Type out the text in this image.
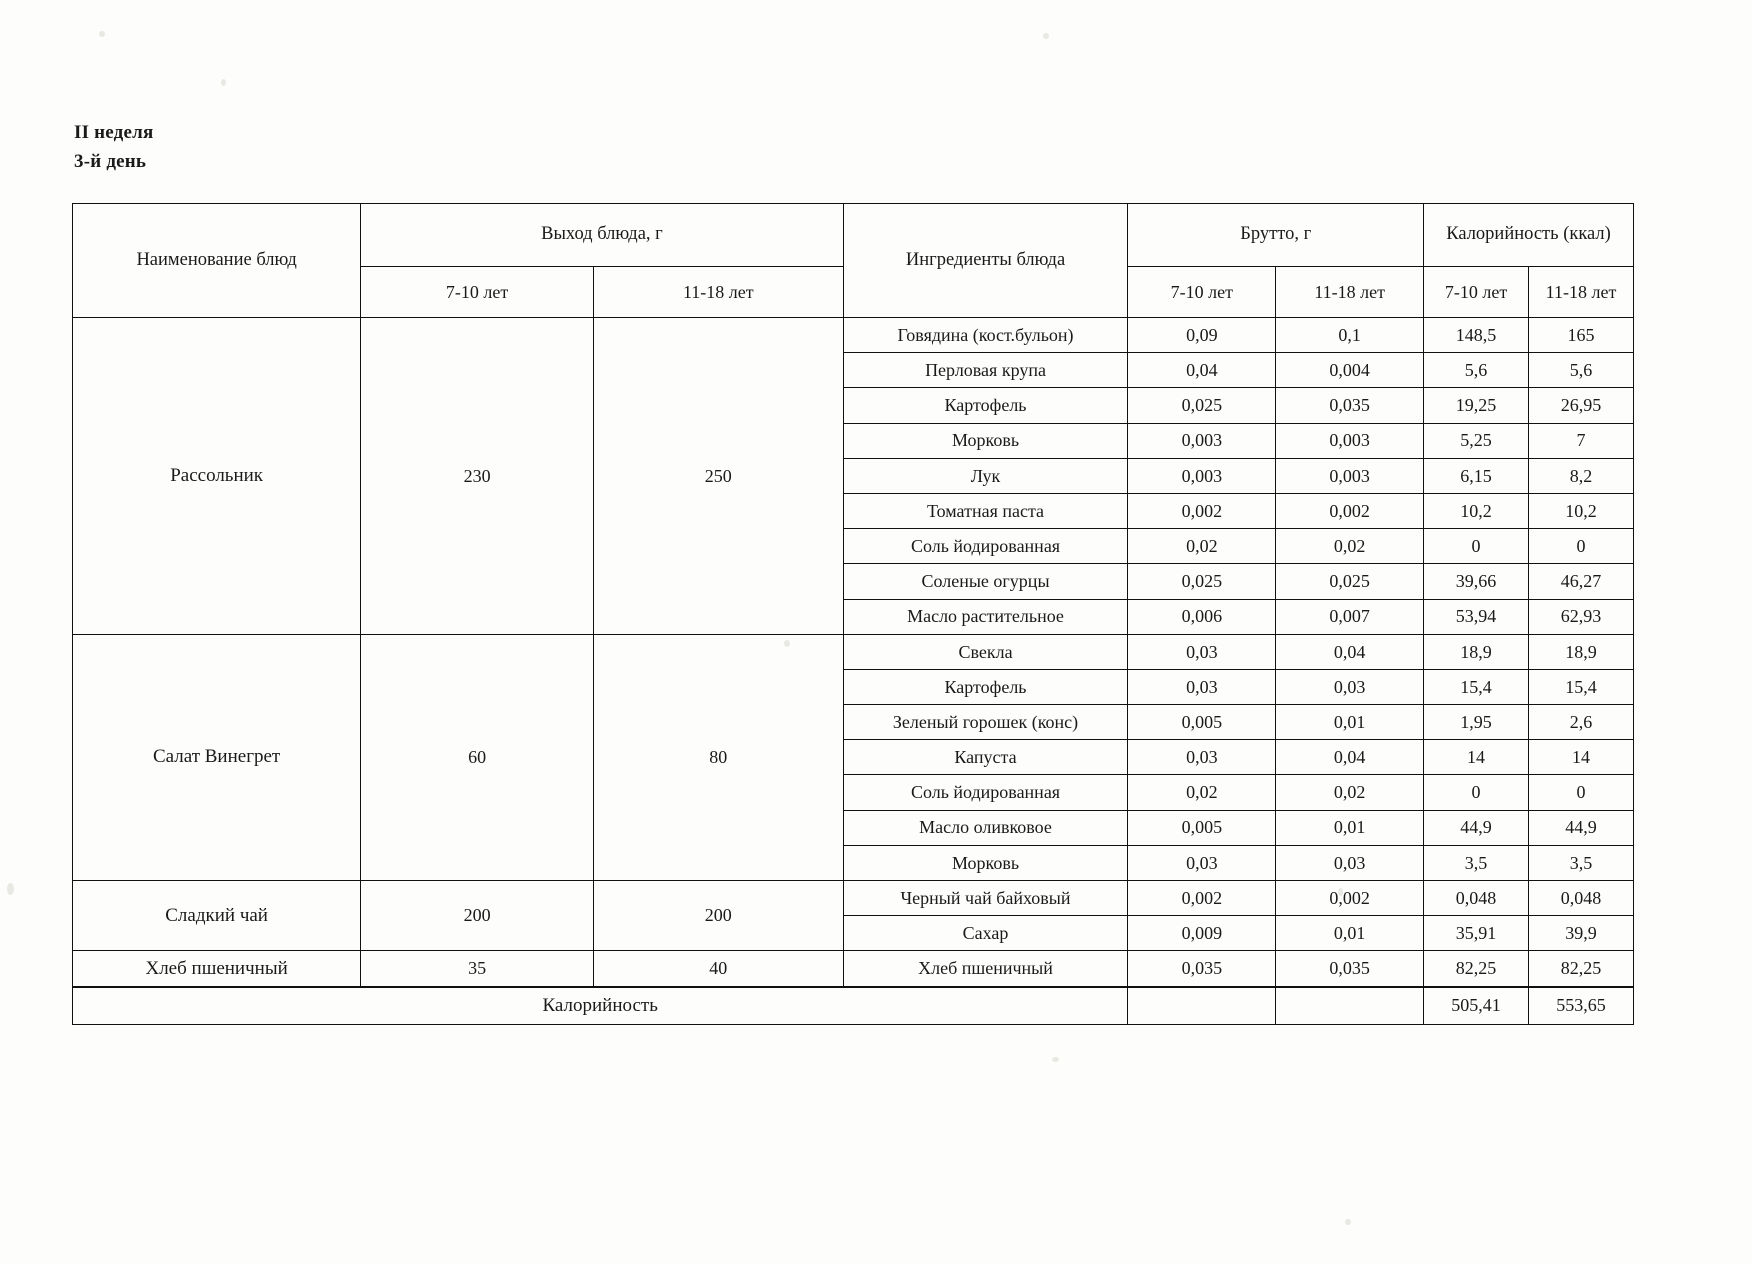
II неделя
3-й день
Наименование блюд	Выход блюда, г		Ингредиенты блюда	Брутто, г		Калорийность (ккал)	
	7-10 лет	11-18 лет		7-10 лет	11-18 лет	7-10 лет	11-18 лет
Рассольник	230	250	Говядина (кост.бульон)	0,09	0,1	148,5	165
			Перловая крупа	0,04	0,004	5,6	5,6
			Картофель	0,025	0,035	19,25	26,95
			Морковь	0,003	0,003	5,25	7
			Лук	0,003	0,003	6,15	8,2
			Томатная паста	0,002	0,002	10,2	10,2
			Соль йодированная	0,02	0,02	0	0
			Соленые огурцы	0,025	0,025	39,66	46,27
			Масло растительное	0,006	0,007	53,94	62,93
Салат Винегрет	60	80	Свекла	0,03	0,04	18,9	18,9
			Картофель	0,03	0,03	15,4	15,4
			Зеленый горошек (конс)	0,005	0,01	1,95	2,6
			Капуста	0,03	0,04	14	14
			Соль йодированная	0,02	0,02	0	0
			Масло оливковое	0,005	0,01	44,9	44,9
			Морковь	0,03	0,03	3,5	3,5
Сладкий чай	200	200	Черный чай байховый	0,002	0,002	0,048	0,048
			Сахар	0,009	0,01	35,91	39,9
Хлеб пшеничный	35	40	Хлеб пшеничный	0,035	0,035	82,25	82,25
Калорийность						505,41	553,65
